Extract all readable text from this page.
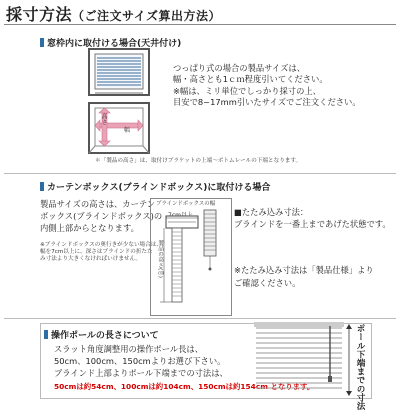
採寸方法（ご注文サイズ算出方法）
窓枠内に取付ける場合(天井付け)
高さ
幅
つっぱり式の場合の製品サイズは、
幅・高さとも1ｃｍ程度引いてください。
※幅は、ミリ単位でしっかり採寸の上、
目安で8~17mm引いたサイズでご注文ください。
＊「製品の高さ」は、取付けブラケットの上端〜ボトムレールの下端となります。
カーテンボックス(ブラインドボックス)に取付ける場合
製品サイズの高さは、カーテン
ボックス(ブラインドボックス)の
内側上部からとなります。
※ブラインドボックスの奥行きが少ない場合は、
幅を7cm以上に、深さはブラインドの折たた
み寸法より大きくなければいけません。
ブラインドボックスの幅
製品の高さ(㎝)
■たたみ込み寸法：
ブラインドを一番上まであげた状態です。
※たたみ込み寸法は「製品仕様」より
ご確認ください。
操作ポールの長さについて
スラット角度調整用の操作ポール長は、
50cm、100cm、150cmよりお選び下さい。
ブラインド上部よりポール下端までの寸法は、
50cmは約54cm、100cmは約104cm、150cmは約154cm となります。	ポール下端までの寸法
